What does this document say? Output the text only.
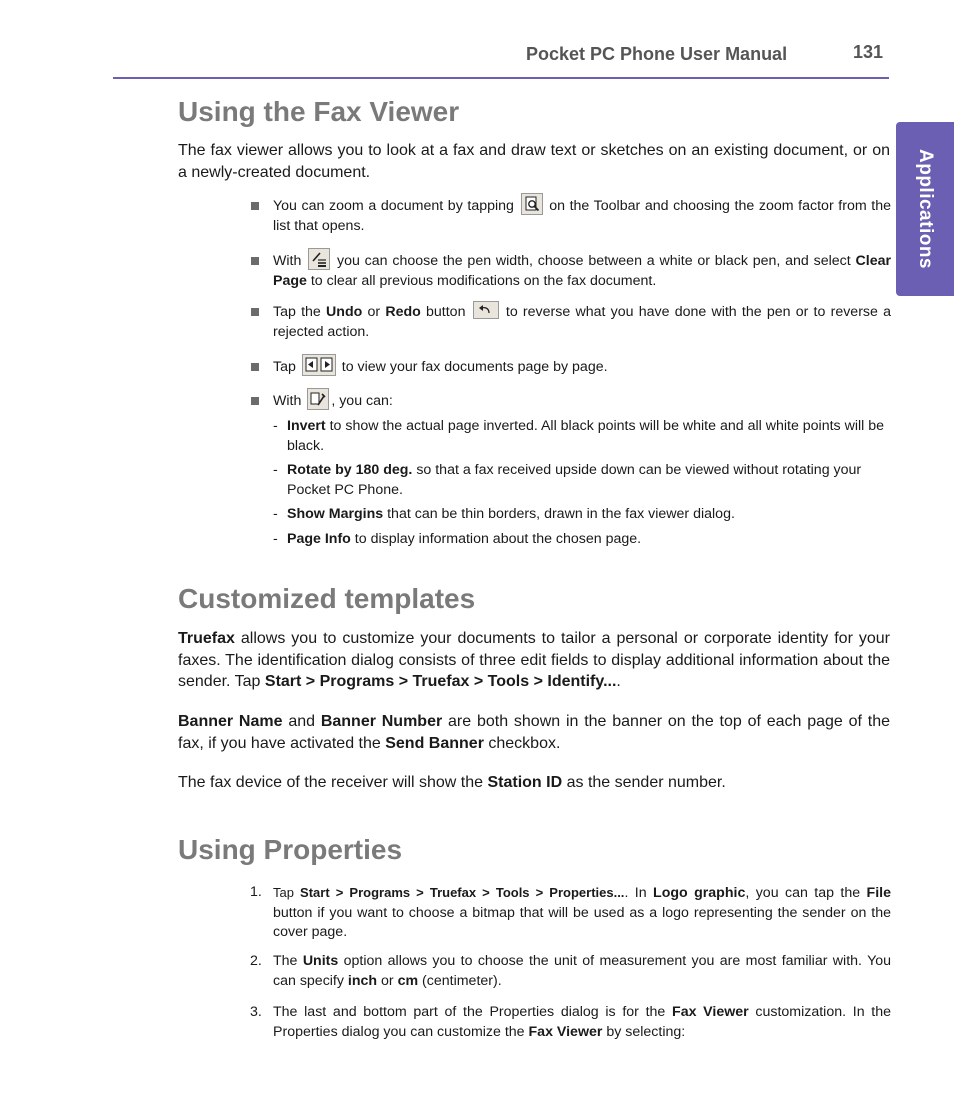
Pocket PC Phone User Manual	131
Applications
Using the Fax Viewer

The fax viewer allows you to look at a fax and draw text or sketches on an existing document, or on a newly-created document.

You can zoom a document by tapping
on the Toolbar and choosing the zoom factor from the list that opens.
With
you can choose the pen width, choose between a white or black pen, and select Clear Page to clear all previous modifications on the fax document.
Tap the Undo or Redo button
to reverse what you have done with the pen or to reverse a rejected action.
Tap	to view your fax documents page by page.
With
, you can:
- Invert to show the actual page inverted. All black points will be white and all white points will be black.
- Rotate by 180 deg. so that a fax received upside down can be viewed without rotating your Pocket PC Phone.
- Show Margins that can be thin borders, drawn in the fax viewer dialog.
- Page Info to display information about the chosen page.
Customized templates

Truefax allows you to customize your documents to tailor a personal or corporate identity for your faxes. The identification dialog consists of three edit fields to display additional information about the sender. Tap Start > Programs > Truefax > Tools > Identify....

Banner Name and Banner Number are both shown in the banner on the top of each page of the fax, if you have activated the Send Banner checkbox.

The fax device of the receiver will show the Station ID as the sender number.

Using Properties
1. Tap Start > Programs > Truefax > Tools > Properties.... In Logo graphic, you can tap the File button if you want to choose a bitmap that will be used as a logo representing the sender on the cover page.
2. The Units option allows you to choose the unit of measurement you are most familiar with. You can specify inch or cm (centimeter).
3. The last and bottom part of the Properties dialog is for the Fax Viewer customization. In the Properties dialog you can customize the Fax Viewer by selecting:
